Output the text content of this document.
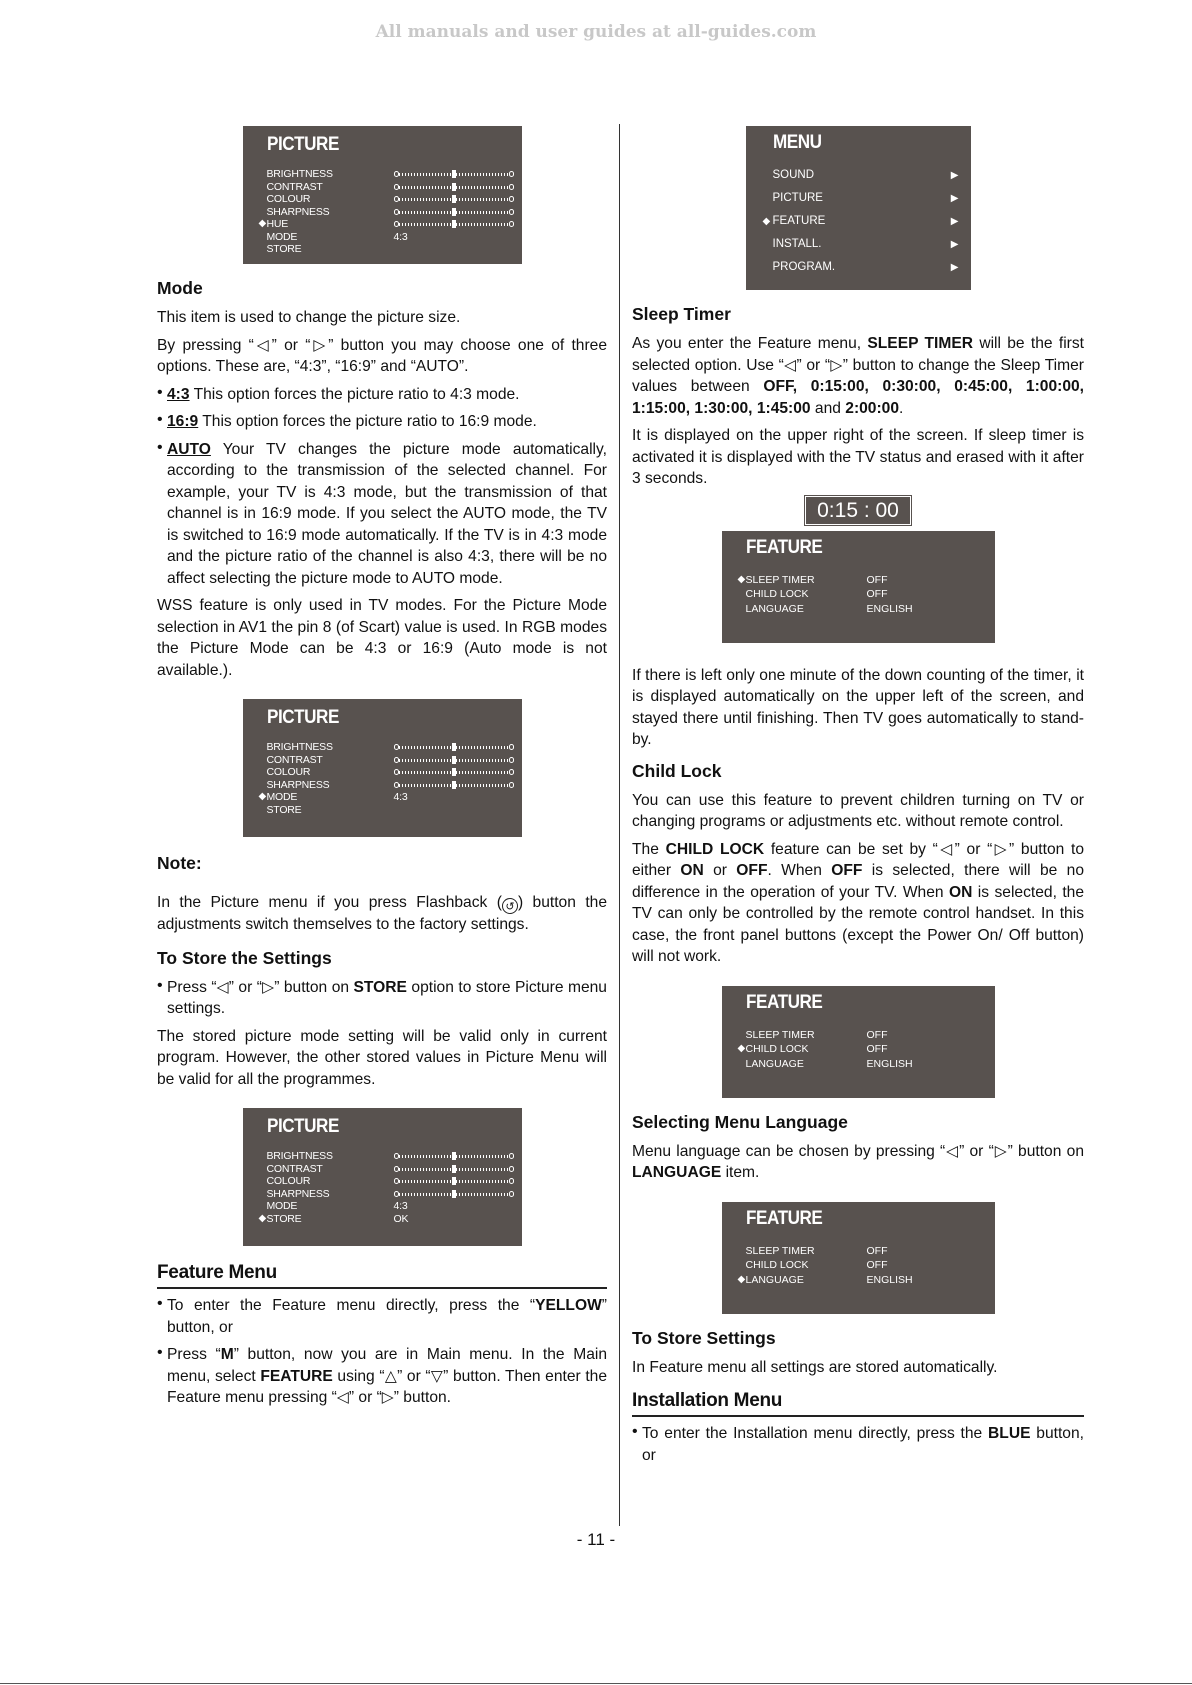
All manuals and user guides at all-guides.com
PICTURE
BRIGHTNESS
CONTRAST
COLOUR
SHARPNESS
◆ HUE
MODE	4:3
STORE
Mode

This item is used to change the picture size.

By pressing “◁” or “▷” button you may choose one of three options. These are, “4:3”, “16:9” and “AUTO”.

• 4:3 This option forces the picture ratio to 4:3 mode.

• 16:9 This option forces the picture ratio to 16:9 mode.

• AUTO Your TV changes the picture mode automatically, according to the transmission of the selected channel. For example, your TV is 4:3 mode, but the transmission of that channel is in 16:9 mode. If you select the AUTO mode, the TV is switched to 16:9 mode automatically. If the TV is in 4:3 mode and the picture ratio of the channel is also 4:3, there will be no affect selecting the picture mode to AUTO mode.

WSS feature is only used in TV modes. For the Picture Mode selection in AV1 the pin 8 (of Scart) value is used. In RGB modes the Picture Mode can be 4:3 or 16:9 (Auto mode is not available.).

PICTURE
BRIGHTNESS
CONTRAST
COLOUR
SHARPNESS
◆ MODE	4:3
STORE
Note:

In the Picture menu if you press Flashback ( ↺ ) button the adjustments switch themselves to the factory settings.

To Store the Settings
• Press “◁” or “▷” button on STORE option to store Picture menu settings.

The stored picture mode setting will be valid only in current program. However, the other stored values in Picture Menu will be valid for all the programmes.

PICTURE
BRIGHTNESS
CONTRAST
COLOUR
SHARPNESS
MODE	4:3
◆ STORE	OK
Feature Menu
• To enter the Feature menu directly, press the “YELLOW” button, or

• Press “M” button, now you are in Main menu. In the Main menu, select FEATURE using “△” or “▽” button. Then enter the Feature menu pressing “◁” or “▷” button.

MENU
SOUND	▶
PICTURE	▶
◆ FEATURE	▶
INSTALL.	▶
PROGRAM.	▶
Sleep Timer

As you enter the Feature menu, SLEEP TIMER will be the first selected option. Use “◁” or “▷” button to change the Sleep Timer values between OFF, 0:15:00, 0:30:00, 0:45:00, 1:00:00, 1:15:00, 1:30:00, 1:45:00 and 2:00:00.

It is displayed on the upper right of the screen. If sleep timer is activated it is displayed with the TV status and erased with it after 3 seconds.

0:15 : 00
FEATURE
◆ SLEEP TIMER	OFF
CHILD LOCK	OFF
LANGUAGE	ENGLISH

If there is left only one minute of the down counting of the timer, it is displayed automatically on the upper left of the screen, and stayed there until finishing. Then TV goes automatically to stand-by.

Child Lock

You can use this feature to prevent children turning on TV or changing programs or adjustments etc. without remote control.

The CHILD LOCK feature can be set by “◁” or “▷” button to either ON or OFF. When OFF is selected, there will be no difference in the operation of your TV. When ON is selected, the TV can only be controlled by the remote control handset. In this case, the front panel buttons (except the Power On/ Off button) will not work.

FEATURE
SLEEP TIMER	OFF
◆ CHILD LOCK	OFF
LANGUAGE	ENGLISH
Selecting Menu Language

Menu language can be chosen by pressing “◁” or “▷” button on LANGUAGE item.

FEATURE
SLEEP TIMER	OFF
CHILD LOCK	OFF
◆ LANGUAGE	ENGLISH
To Store Settings

In Feature menu all settings are stored automatically.

Installation Menu
• To enter the Installation menu directly, press the BLUE button, or

- 11 -
